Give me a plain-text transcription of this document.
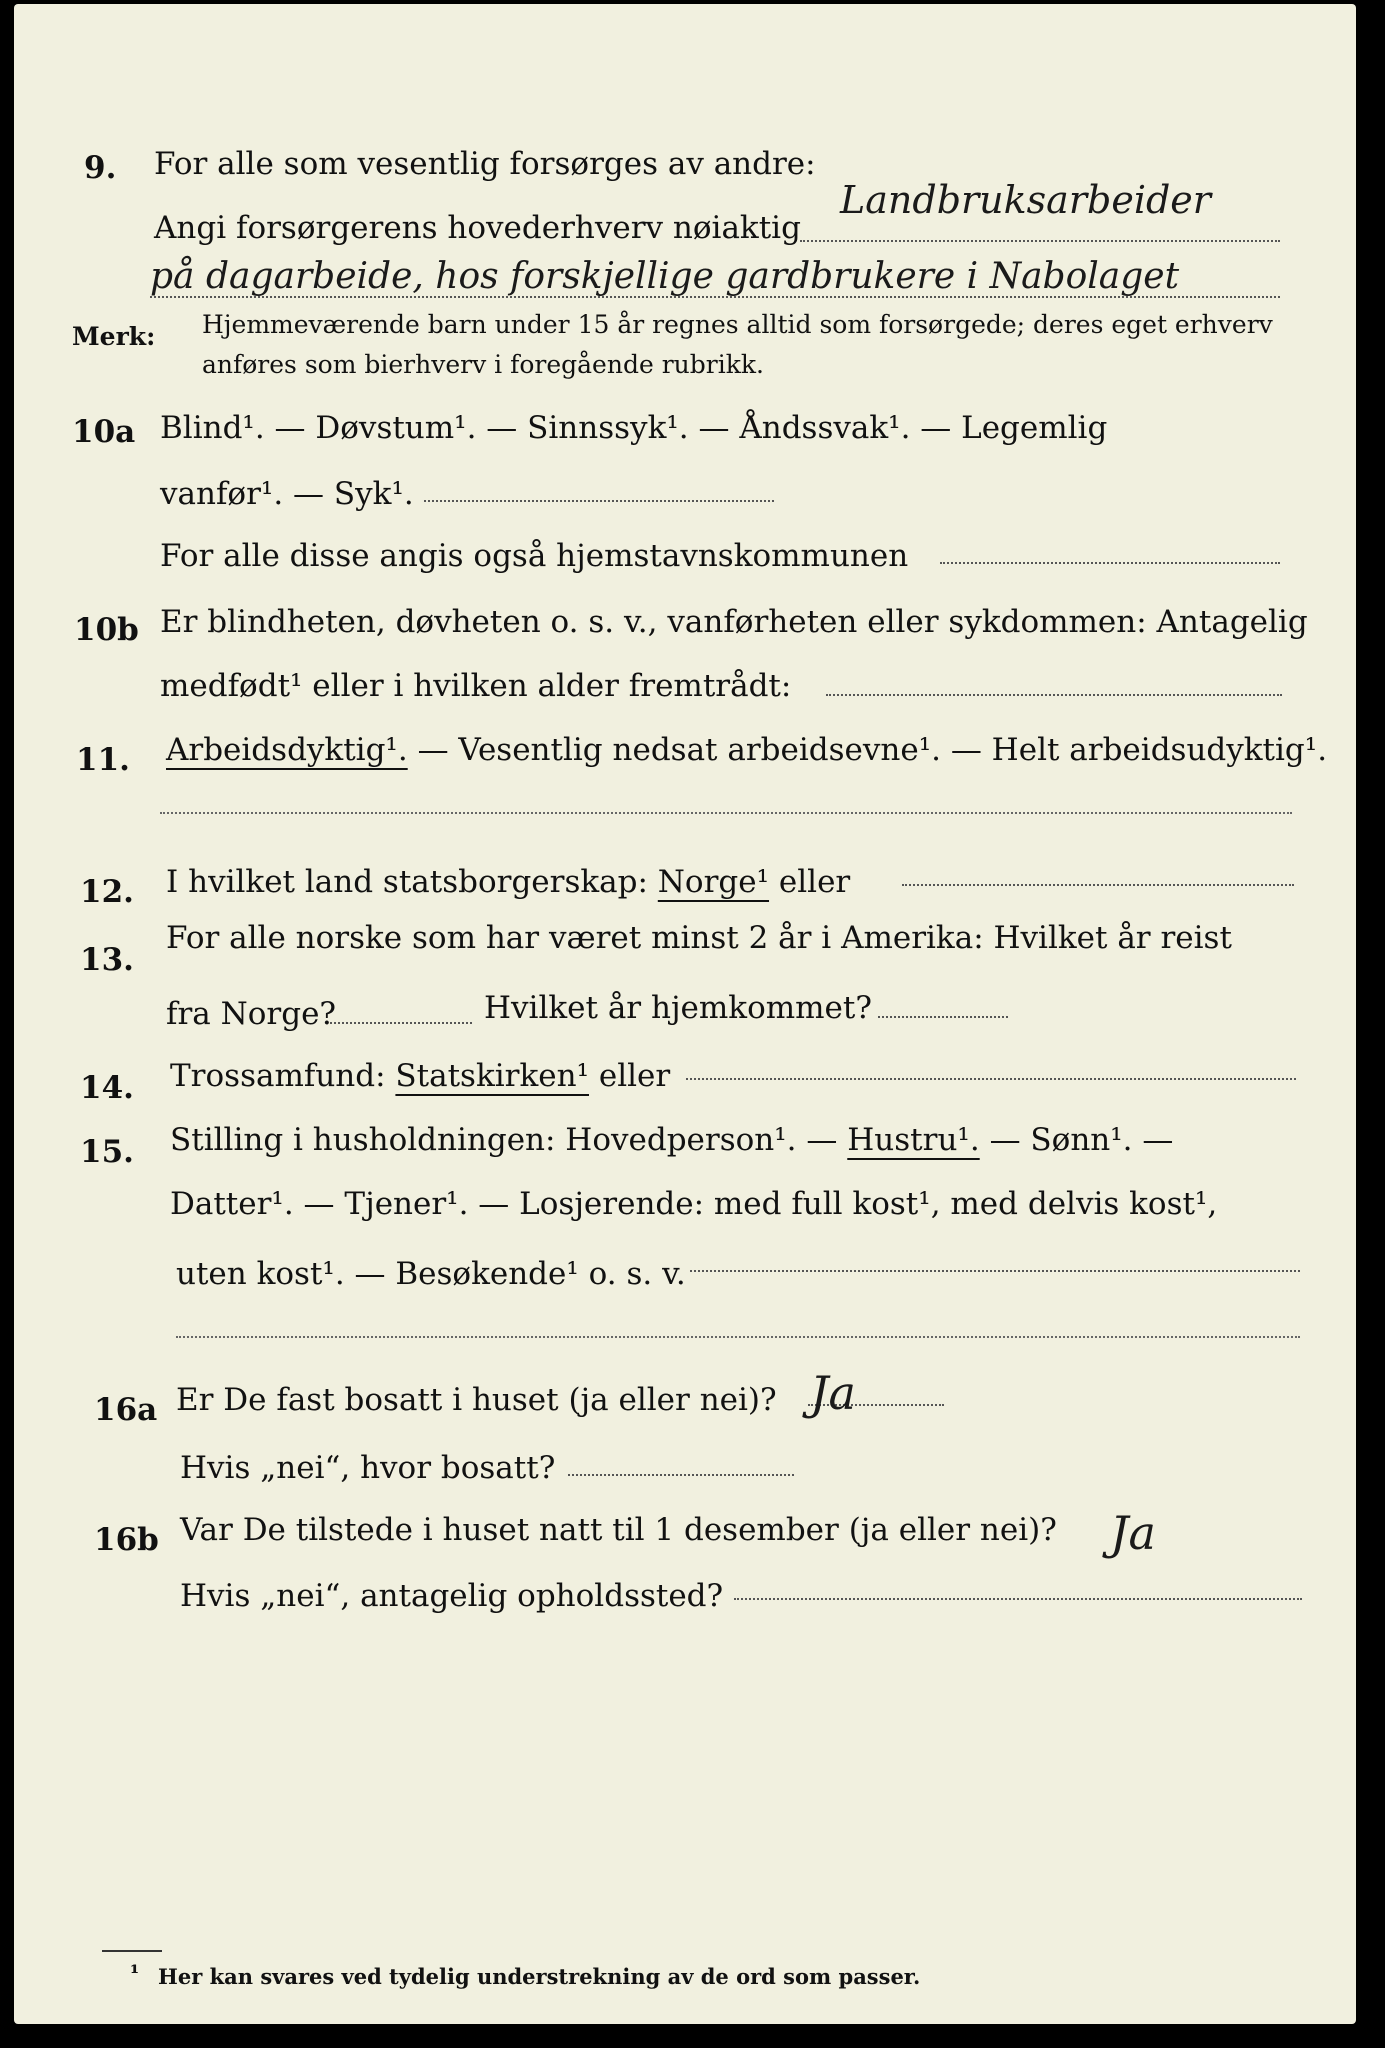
9. For alle som vesentlig forsørges av andre:
Landbruksarbeider
Angi forsørgerens hovederhverv nøiaktig
på dagarbeide, hos forskjellige gardbrukere i Nabolaget
Merk: Hjemmeværende barn under 15 år regnes alltid som forsørgede; deres eget erhverv
anføres som bierhverv i foregående rubrikk.
10a Blind¹. — Døvstum¹. — Sinnssyk¹. — Åndssvak¹. — Legemlig
vanfør¹. — Syk¹.
For alle disse angis også hjemstavnskommunen
10b Er blindheten, døvheten o. s. v., vanførheten eller sykdommen: Antagelig
medfødt¹ eller i hvilken alder fremtrådt:
11. Arbeidsdyktig¹. — Vesentlig nedsat arbeidsevne¹. — Helt arbeidsudyktig¹.
12. I hvilket land statsborgerskap: Norge¹ eller
13.
For alle norske som har været minst 2 år i Amerika: Hvilket år reist
fra Norge?	Hvilket år hjemkommet?
14. Trossamfund: Statskirken¹ eller
15. Stilling i husholdningen: Hovedperson¹. — Hustru¹. — Sønn¹. —
Datter¹. — Tjener¹. — Losjerende: med full kost¹, med delvis kost¹,
uten kost¹. — Besøkende¹ o. s. v.
16a Er De fast bosatt i huset (ja eller nei)? Ja
Hvis „nei“, hvor bosatt?
16b Var De tilstede i huset natt til 1 desember (ja eller nei)? Ja
Hvis „nei“, antagelig opholdssted?
¹ Her kan svares ved tydelig understrekning av de ord som passer.
